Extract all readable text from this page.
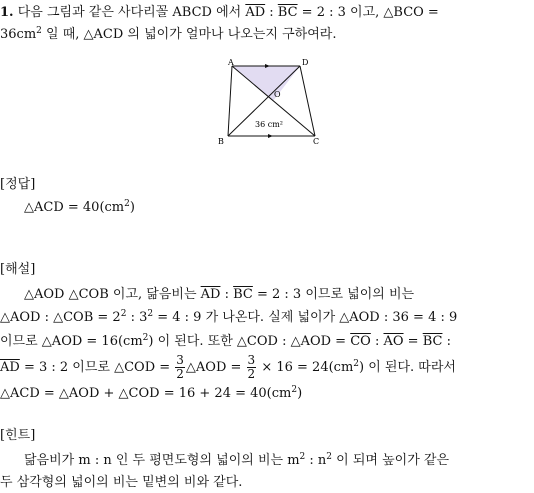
1. 다음 그림과 같은 사다리꼴 ABCD 에서 $\overline{AD}$ : $\overline{BC} = 2$ : 3 이고, △BCO =
$36cm^2$ 일 때, △ACD 의 넓이가 얼마나 나오는지 구하여라.
A	D
B	C
O
36 cm²
[정답]
△ACD = $40(cm^2)$
[해설]
△AOD △COB 이고, 닮음비는 $\overline{AD}$ : $\overline{BC} = 2$ : 3 이므로 넓이의 비는
△AOD : △COB = $2^2$ : $3^2 = 4$ : 9 가 나온다. 실제 넓이가 △AOD : 36 = 4 : 9
이므로 △AOD = $16(cm^2)$ 이 된다. 또한 △COD : △AOD = $\overline{CO}$ : $\overline{AO} = \overline{BC}$ :
$\overline{AD} = 3$ : 2 이므로 △COD = $\frac{3}{2}$ △AOD = $\frac{3}{2} \times 16 = 24(cm^2)$ 이 된다. 따라서
△ACD = △AOD + △COD = $16 + 24 = 40(cm^2)$
[힌트]
닮음비가 m : n 인 두 평면도형의 넓이의 비는 $m^2$ : $n^2$ 이 되며 높이가 같은
두 삼각형의 넓이의 비는 밑변의 비와 같다.
